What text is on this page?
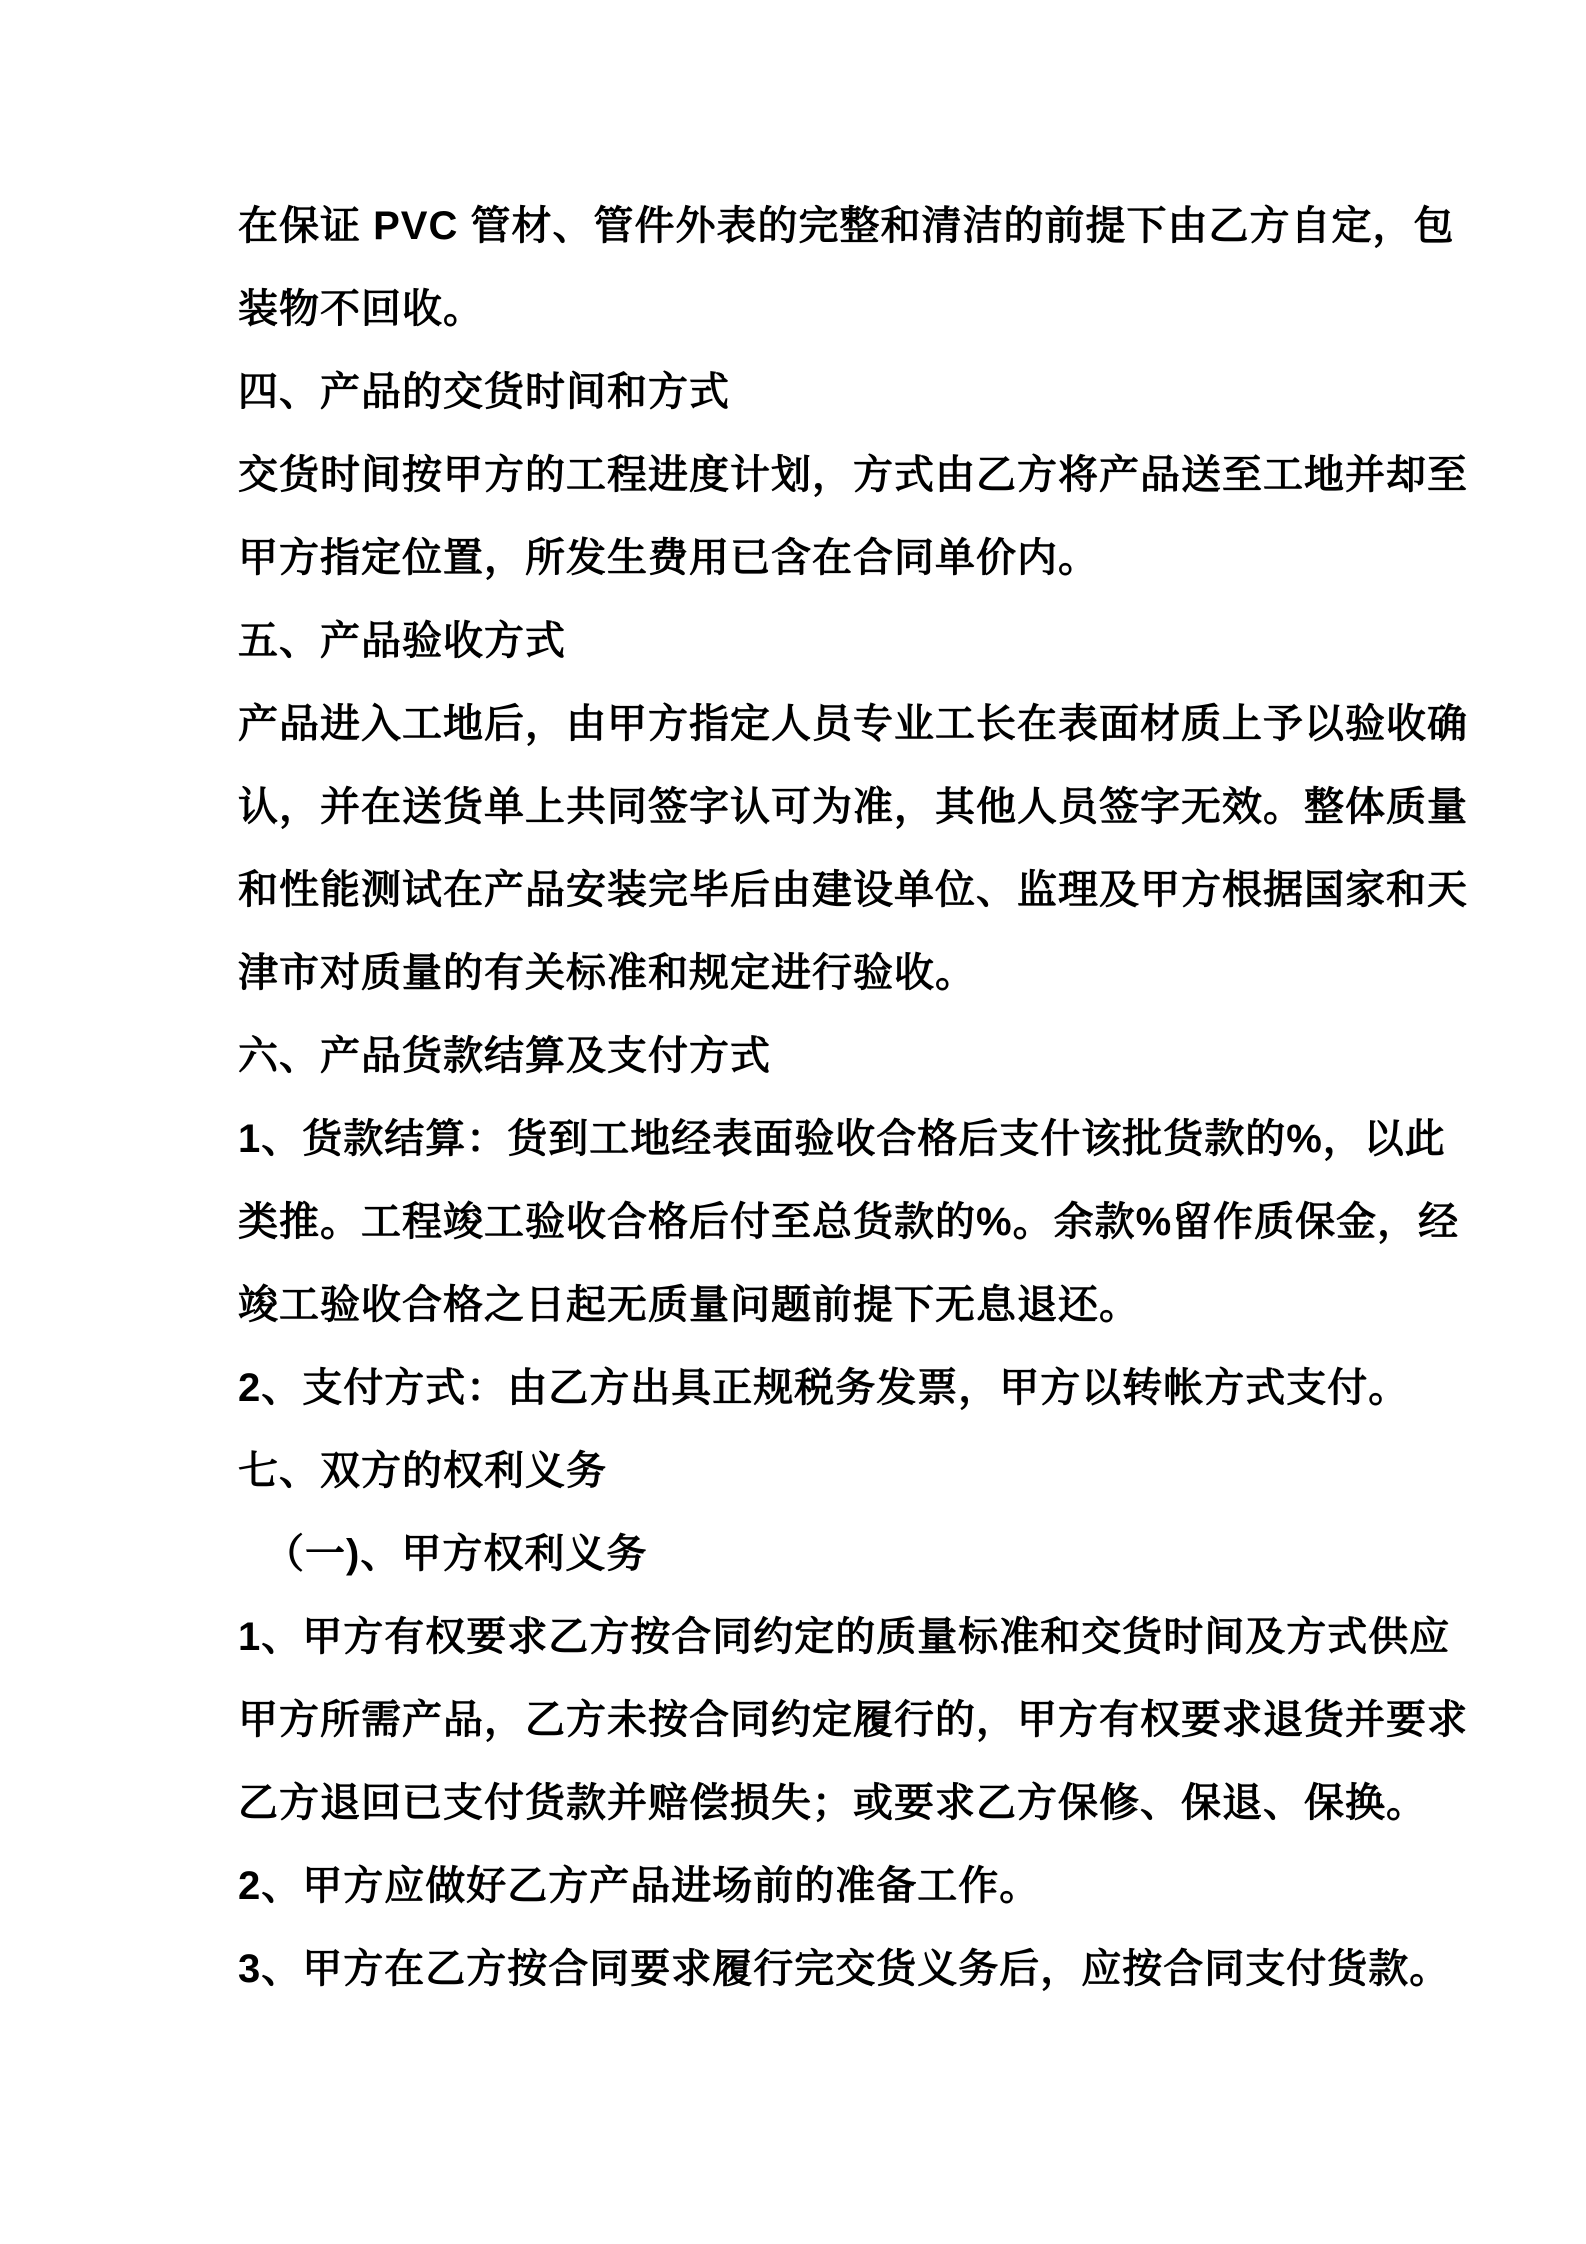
在保证 PVC 管材、管件外表的完整和清洁的前提下由乙方自定，包
装物不回收。
四、产品的交货时间和方式
交货时间按甲方的工程进度计划，方式由乙方将产品送至工地并却至
甲方指定位置，所发生费用已含在合同单价内。
五、产品验收方式
产品进入工地后，由甲方指定人员专业工长在表面材质上予以验收确
认，并在送货单上共同签字认可为准，其他人员签字无效。整体质量
和性能测试在产品安装完毕后由建设单位、监理及甲方根据国家和天
津市对质量的有关标准和规定进行验收。
六、产品货款结算及支付方式
1、货款结算：货到工地经表面验收合格后支什该批货款的%，以此
类推。工程竣工验收合格后付至总货款的%。余款%留作质保金，经
竣工验收合格之日起无质量问题前提下无息退还。
2、支付方式：由乙方出具正规税务发票，甲方以转帐方式支付。
七、双方的权利义务
（一)、甲方权利义务
1、甲方有权要求乙方按合同约定的质量标准和交货时间及方式供应
甲方所需产品，乙方未按合同约定履行的，甲方有权要求退货并要求
乙方退回已支付货款并赔偿损失；或要求乙方保修、保退、保换。
2、甲方应做好乙方产品进场前的准备工作。
3、甲方在乙方按合同要求履行完交货义务后，应按合同支付货款。
